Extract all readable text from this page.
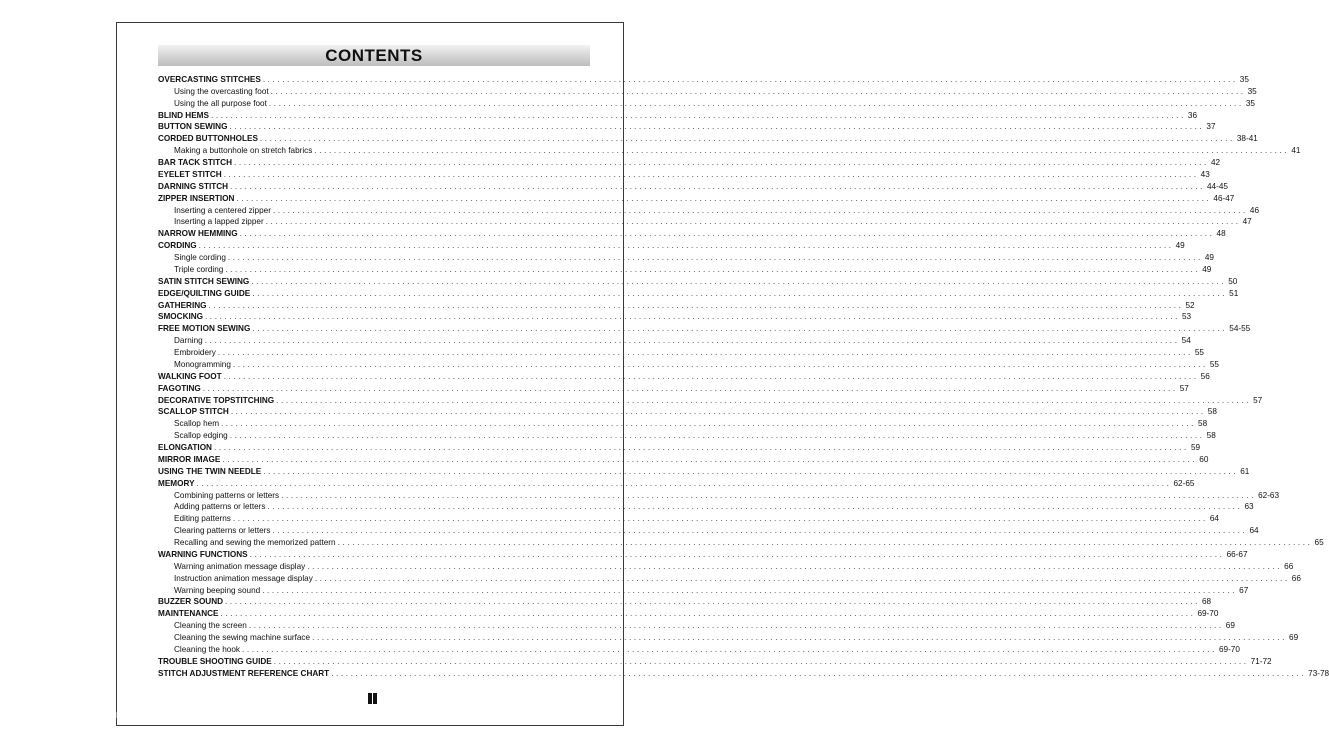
CONTENTS
OVERCASTING STITCHES ........................................................................................................................................................................................................ 35
Using the overcasting foot ........................................................................................................................................................................................................ 35
Using the all purpose foot ........................................................................................................................................................................................................ 35
BLIND HEMS ........................................................................................................................................................................................................ 36
BUTTON SEWING ........................................................................................................................................................................................................ 37
CORDED BUTTONHOLES ........................................................................................................................................................................................................ 38-41
Making a buttonhole on stretch fabrics ........................................................................................................................................................................................................ 41
BAR TACK STITCH ........................................................................................................................................................................................................ 42
EYELET STITCH ........................................................................................................................................................................................................ 43
DARNING STITCH ........................................................................................................................................................................................................ 44-45
ZIPPER INSERTION ........................................................................................................................................................................................................ 46-47
Inserting a centered zipper ........................................................................................................................................................................................................ 46
Inserting a lapped zipper ........................................................................................................................................................................................................ 47
NARROW HEMMING ........................................................................................................................................................................................................ 48
CORDING ........................................................................................................................................................................................................ 49
Single cording ........................................................................................................................................................................................................ 49
Triple cording ........................................................................................................................................................................................................ 49
SATIN STITCH SEWING ........................................................................................................................................................................................................ 50
EDGE/QUILTING GUIDE ........................................................................................................................................................................................................ 51
GATHERING ........................................................................................................................................................................................................ 52
SMOCKING ........................................................................................................................................................................................................ 53
FREE MOTION SEWING ........................................................................................................................................................................................................ 54-55
Darning ........................................................................................................................................................................................................ 54
Embroidery ........................................................................................................................................................................................................ 55
Monogramming ........................................................................................................................................................................................................ 55
WALKING FOOT ........................................................................................................................................................................................................ 56
FAGOTING ........................................................................................................................................................................................................ 57
DECORATIVE TOPSTITCHING ........................................................................................................................................................................................................ 57
SCALLOP STITCH ........................................................................................................................................................................................................ 58
Scallop hem ........................................................................................................................................................................................................ 58
Scallop edging ........................................................................................................................................................................................................ 58
ELONGATION ........................................................................................................................................................................................................ 59
MIRROR IMAGE ........................................................................................................................................................................................................ 60
USING THE TWIN NEEDLE ........................................................................................................................................................................................................ 61
MEMORY ........................................................................................................................................................................................................ 62-65
Combining patterns or letters ........................................................................................................................................................................................................ 62-63
Adding patterns or letters ........................................................................................................................................................................................................ 63
Editing patterns ........................................................................................................................................................................................................ 64
Clearing patterns or letters ........................................................................................................................................................................................................ 64
Recalling and sewing the memorized pattern ........................................................................................................................................................................................................ 65
WARNING FUNCTIONS ........................................................................................................................................................................................................ 66-67
Warning animation message display ........................................................................................................................................................................................................ 66
Instruction animation message display ........................................................................................................................................................................................................ 66
Warning beeping sound ........................................................................................................................................................................................................ 67
BUZZER SOUND ........................................................................................................................................................................................................ 68
MAINTENANCE ........................................................................................................................................................................................................ 69-70
Cleaning the screen ........................................................................................................................................................................................................ 69
Cleaning the sewing machine surface ........................................................................................................................................................................................................ 69
Cleaning the hook ........................................................................................................................................................................................................ 69-70
TROUBLE SHOOTING GUIDE ........................................................................................................................................................................................................ 71-72
STITCH ADJUSTMENT REFERENCE CHART ........................................................................................................................................................................................................ 73-78
